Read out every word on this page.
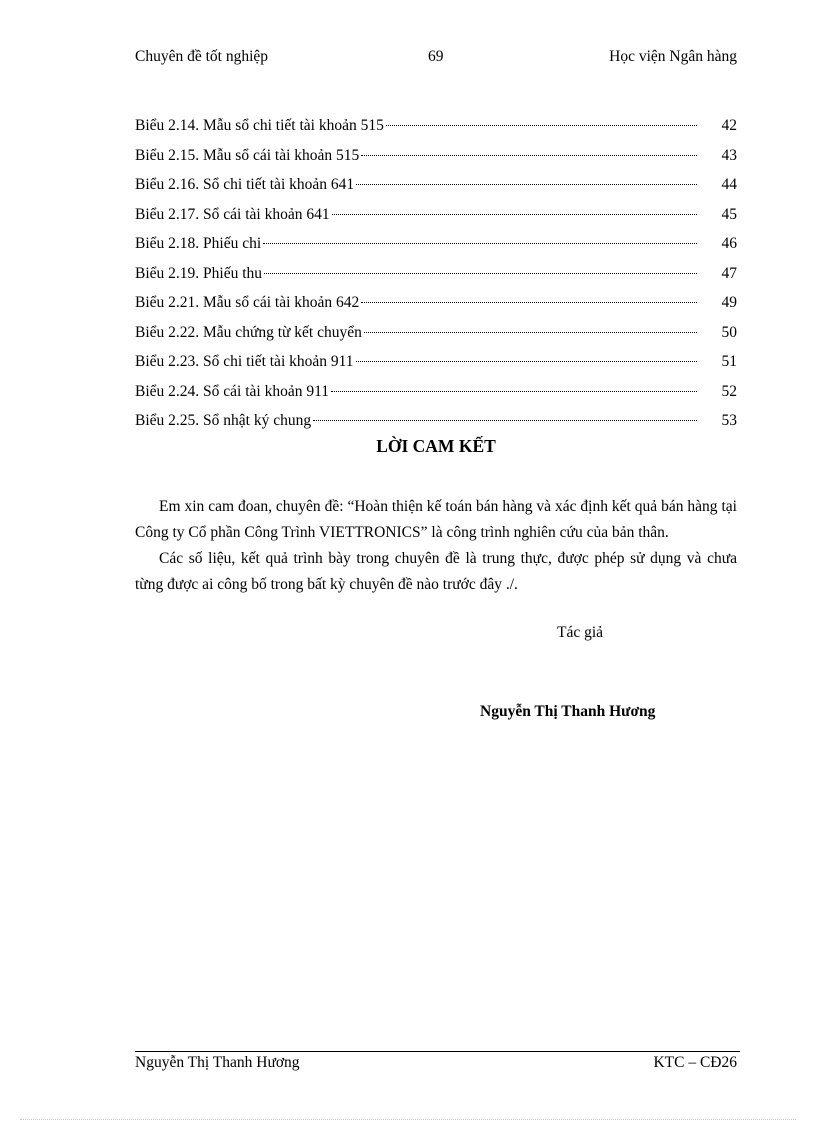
Chuyên đề tốt nghiệp	69	Học viện Ngân hàng
Biểu 2.14. Mẫu sổ chi tiết tài khoản 515	42
Biểu 2.15. Mẫu sổ cái tài khoản 515	43
Biểu 2.16. Sổ chi tiết tài khoản 641	44
Biểu 2.17. Sổ cái tài khoản 641	45
Biểu 2.18. Phiếu chi	46
Biểu 2.19. Phiếu thu	47
Biểu 2.21. Mẫu sổ cái tài khoản 642	49
Biểu 2.22. Mẫu chứng từ kết chuyển	50
Biểu 2.23. Sổ chi tiết tài khoản 911	51
Biểu 2.24. Sổ cái tài khoản 911	52
Biểu 2.25. Sổ nhật ký chung	53
LỜI CAM KẾT

Em xin cam đoan, chuyên đề: “Hoàn thiện kế toán bán hàng và xác định kết quả bán hàng tại Công ty Cổ phần Công Trình VIETTRONICS” là công trình nghiên cứu của bản thân.

Các số liệu, kết quả trình bày trong chuyên đề là trung thực, được phép sử dụng và chưa từng được ai công bố trong bất kỳ chuyên đề nào trước đây ./.

Tác giả
Nguyễn Thị Thanh Hương
Nguyễn Thị Thanh Hương	KTC – CĐ26
